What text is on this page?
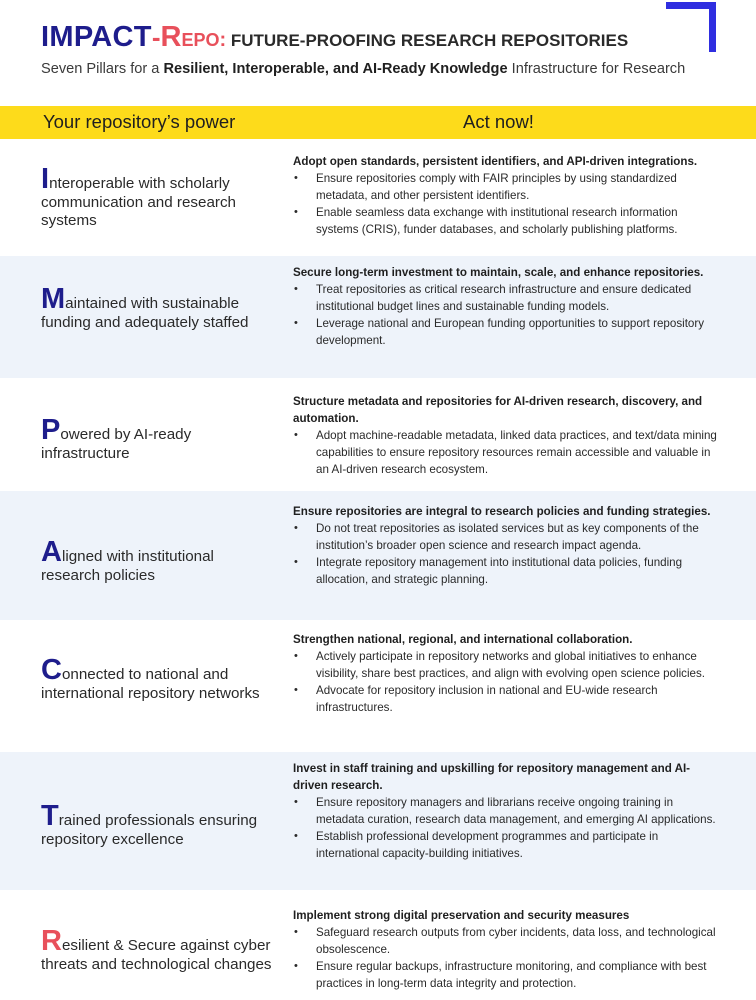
IMPACT-REPO: FUTURE-PROOFING RESEARCH REPOSITORIES
Seven Pillars for a Resilient, Interoperable, and AI-Ready Knowledge Infrastructure for Research
Your repository’s power	Act now!
Interoperable with scholarly communication and research systems
Adopt open standards, persistent identifiers, and API-driven integrations.
• Ensure repositories comply with FAIR principles by using standardized metadata, and other persistent identifiers.
• Enable seamless data exchange with institutional research information systems (CRIS), funder databases, and scholarly publishing platforms.
Maintained with sustainable funding and adequately staffed
Secure long-term investment to maintain, scale, and enhance repositories.
• Treat repositories as critical research infrastructure and ensure dedicated institutional budget lines and sustainable funding models.
• Leverage national and European funding opportunities to support repository development.
Powered by AI-ready infrastructure
Structure metadata and repositories for AI-driven research, discovery, and automation.
• Adopt machine-readable metadata, linked data practices, and text/data mining capabilities to ensure repository resources remain accessible and valuable in an AI-driven research ecosystem.
Aligned with institutional research policies
Ensure repositories are integral to research policies and funding strategies.
• Do not treat repositories as isolated services but as key components of the institution’s broader open science and research impact agenda.
• Integrate repository management into institutional data policies, funding allocation, and strategic planning.
Connected to national and international repository networks
Strengthen national, regional, and international collaboration.
• Actively participate in repository networks and global initiatives to enhance visibility, share best practices, and align with evolving open science policies.
• Advocate for repository inclusion in national and EU-wide research infrastructures.
Trained professionals ensuring repository excellence
Invest in staff training and upskilling for repository management and AI-driven research.
• Ensure repository managers and librarians receive ongoing training in metadata curation, research data management, and emerging AI applications.
• Establish professional development programmes and participate in international capacity-building initiatives.
Resilient & Secure against cyber threats and technological changes
Implement strong digital preservation and security measures
• Safeguard research outputs from cyber incidents, data loss, and technological obsolescence.
• Ensure regular backups, infrastructure monitoring, and compliance with best practices in long-term data integrity and protection.
